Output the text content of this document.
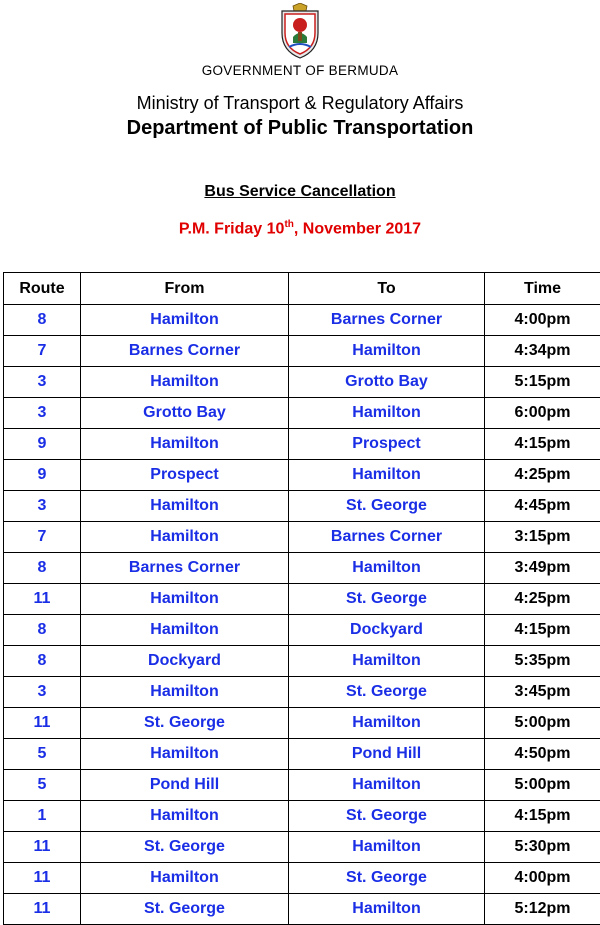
GOVERNMENT OF BERMUDA
Ministry of Transport & Regulatory Affairs
Department of Public Transportation
Bus Service Cancellation
P.M. Friday 10th, November 2017
Route	From	To	Time
8	Hamilton	Barnes Corner	4:00pm
7	Barnes Corner	Hamilton	4:34pm
3	Hamilton	Grotto Bay	5:15pm
3	Grotto Bay	Hamilton	6:00pm
9	Hamilton	Prospect	4:15pm
9	Prospect	Hamilton	4:25pm
3	Hamilton	St. George	4:45pm
7	Hamilton	Barnes Corner	3:15pm
8	Barnes Corner	Hamilton	3:49pm
11	Hamilton	St. George	4:25pm
8	Hamilton	Dockyard	4:15pm
8	Dockyard	Hamilton	5:35pm
3	Hamilton	St. George	3:45pm
11	St. George	Hamilton	5:00pm
5	Hamilton	Pond Hill	4:50pm
5	Pond Hill	Hamilton	5:00pm
1	Hamilton	St. George	4:15pm
11	St. George	Hamilton	5:30pm
11	Hamilton	St. George	4:00pm
11	St. George	Hamilton	5:12pm
